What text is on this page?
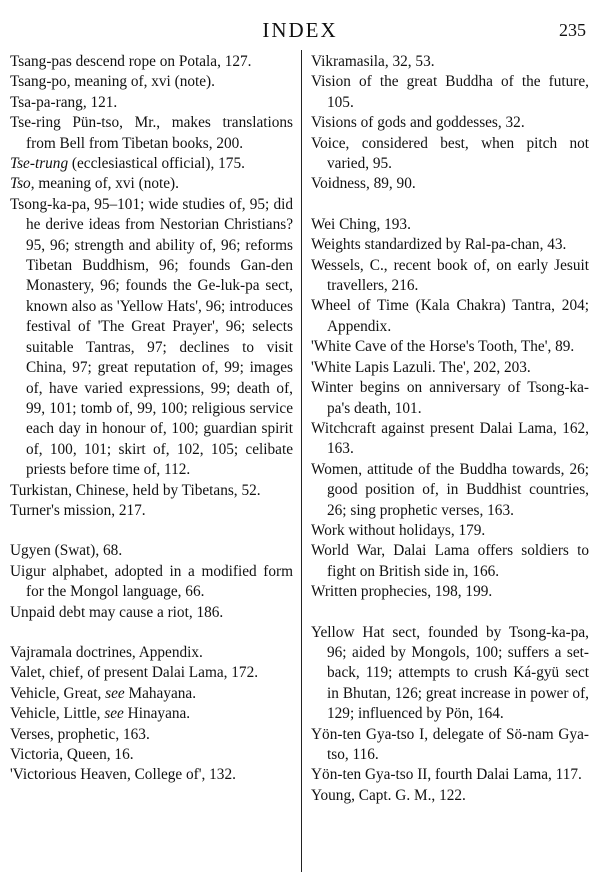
INDEX	235

Tsang-pas descend rope on Potala, 127.

Tsang-po, meaning of, xvi (note).

Tsa-pa-rang, 121.

Tse-ring Pün-tso, Mr., makes translations from Bell from Tibetan books, 200.

Tse-trung (ecclesiastical official), 175.

Tso, meaning of, xvi (note).

Tsong-ka-pa, 95–101; wide studies of, 95; did he derive ideas from Nestorian Christians? 95, 96; strength and ability of, 96; reforms Tibetan Buddhism, 96; founds Gan-den Monastery, 96; founds the Ge-luk-pa sect, known also as 'Yellow Hats', 96; introduces festival of 'The Great Prayer', 96; selects suitable Tantras, 97; declines to visit China, 97; great reputation of, 99; images of, have varied expressions, 99; death of, 99, 101; tomb of, 99, 100; religious service each day in honour of, 100; guardian spirit of, 100, 101; skirt of, 102, 105; celibate priests before time of, 112.

Turkistan, Chinese, held by Tibetans, 52.

Turner's mission, 217.

Ugyen (Swat), 68.

Uigur alphabet, adopted in a modified form for the Mongol language, 66.

Unpaid debt may cause a riot, 186.

Vajramala doctrines, Appendix.

Valet, chief, of present Dalai Lama, 172.

Vehicle, Great, see Mahayana.

Vehicle, Little, see Hinayana.

Verses, prophetic, 163.

Victoria, Queen, 16.

'Victorious Heaven, College of', 132.

Vikramasila, 32, 53.

Vision of the great Buddha of the future, 105.

Visions of gods and goddesses, 32.

Voice, considered best, when pitch not varied, 95.

Voidness, 89, 90.

Wei Ching, 193.

Weights standardized by Ral-pa-chan, 43.

Wessels, C., recent book of, on early Jesuit travellers, 216.

Wheel of Time (Kala Chakra) Tantra, 204; Appendix.

'White Cave of the Horse's Tooth, The', 89.

'White Lapis Lazuli. The', 202, 203.

Winter begins on anniversary of Tsong-ka-pa's death, 101.

Witchcraft against present Dalai Lama, 162, 163.

Women, attitude of the Buddha towards, 26; good position of, in Buddhist countries, 26; sing prophetic verses, 163.

Work without holidays, 179.

World War, Dalai Lama offers soldiers to fight on British side in, 166.

Written prophecies, 198, 199.

Yellow Hat sect, founded by Tsong-ka-pa, 96; aided by Mongols, 100; suffers a set-back, 119; attempts to crush Ká-gyü sect in Bhutan, 126; great increase in power of, 129; influenced by Pön, 164.

Yön-ten Gya-tso I, delegate of Sö-nam Gya-tso, 116.

Yön-ten Gya-tso II, fourth Dalai Lama, 117.

Young, Capt. G. M., 122.
